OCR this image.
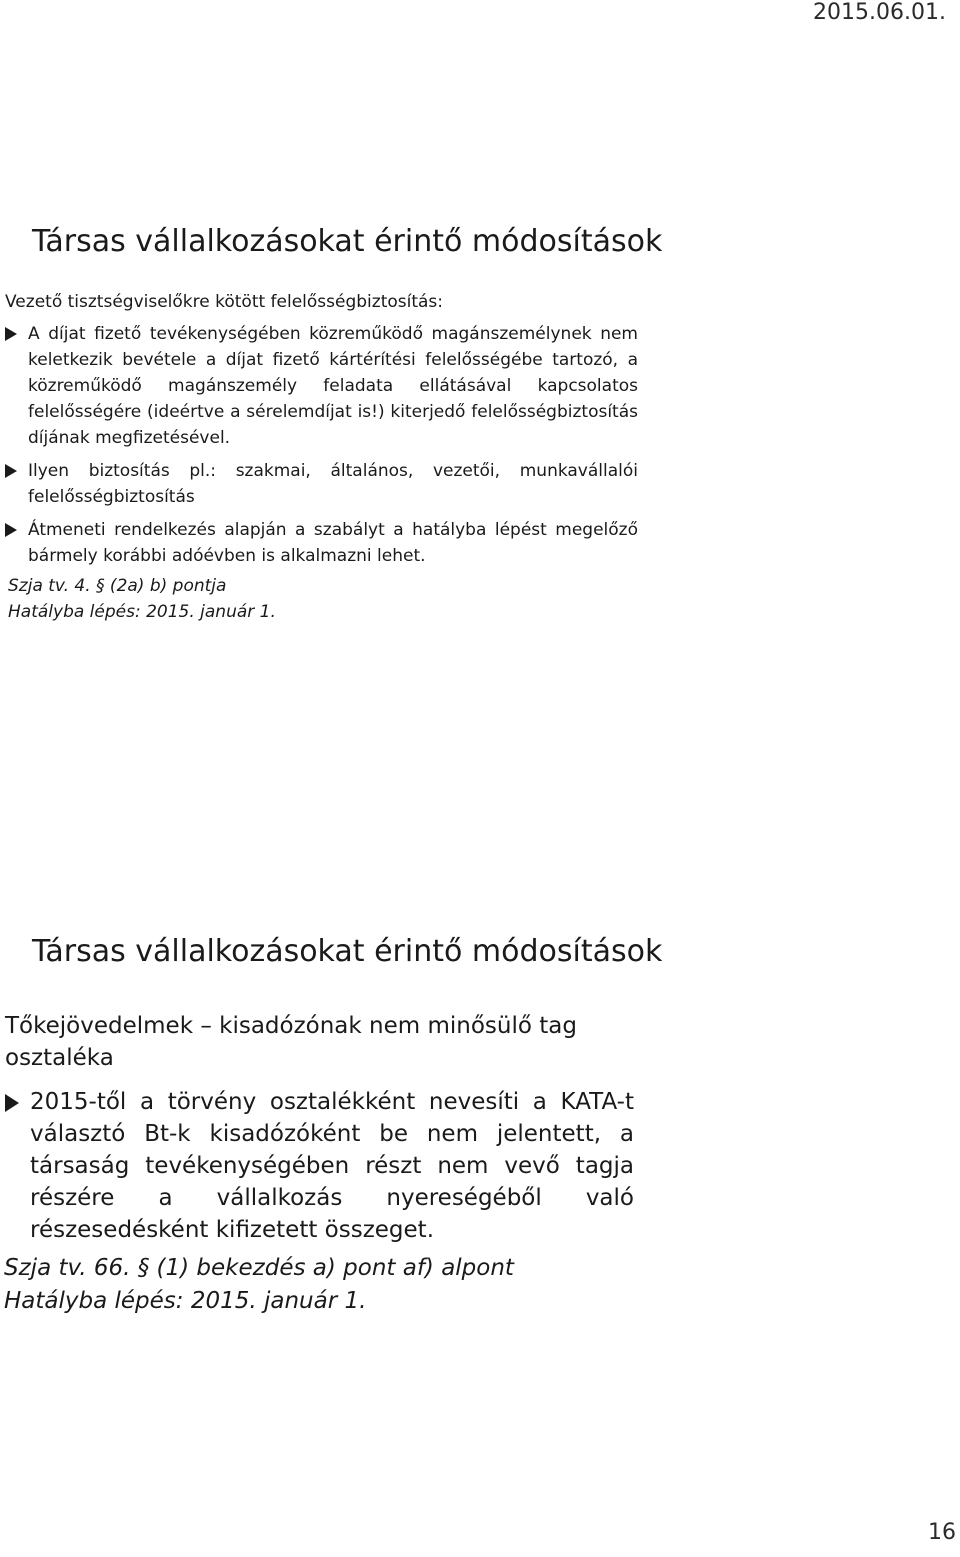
2015.06.01.
Társas vállalkozásokat érintő módosítások
Vezető tisztségviselőkre kötött felelősségbiztosítás:
A díjat fizető tevékenységében közreműködő magánszemélynek nem keletkezik bevétele a díjat fizető kártérítési felelősségébe tartozó, a közreműködő magánszemély feladata ellátásával kapcsolatos felelősségére (ideértve a sérelemdíjat is!) kiterjedő felelősségbiztosítás díjának megfizetésével.
Ilyen biztosítás pl.: szakmai, általános, vezetői, munkavállalói felelősségbiztosítás
Átmeneti rendelkezés alapján a szabályt a hatályba lépést megelőző bármely korábbi adóévben is alkalmazni lehet.
Szja tv. 4. § (2a) b) pontja
Hatályba lépés: 2015. január 1.
Társas vállalkozásokat érintő módosítások
Tőkejövedelmek – kisadózónak nem minősülő tag osztaléka
2015-től a törvény osztalékként nevesíti a KATA-t választó Bt-k kisadózóként be nem jelentett, a társaság tevékenységében részt nem vevő tagja részére a vállalkozás nyereségéből való részesedésként kifizetett összeget.
Szja tv. 66. § (1) bekezdés a) pont af) alpont
Hatályba lépés: 2015. január 1.
16
